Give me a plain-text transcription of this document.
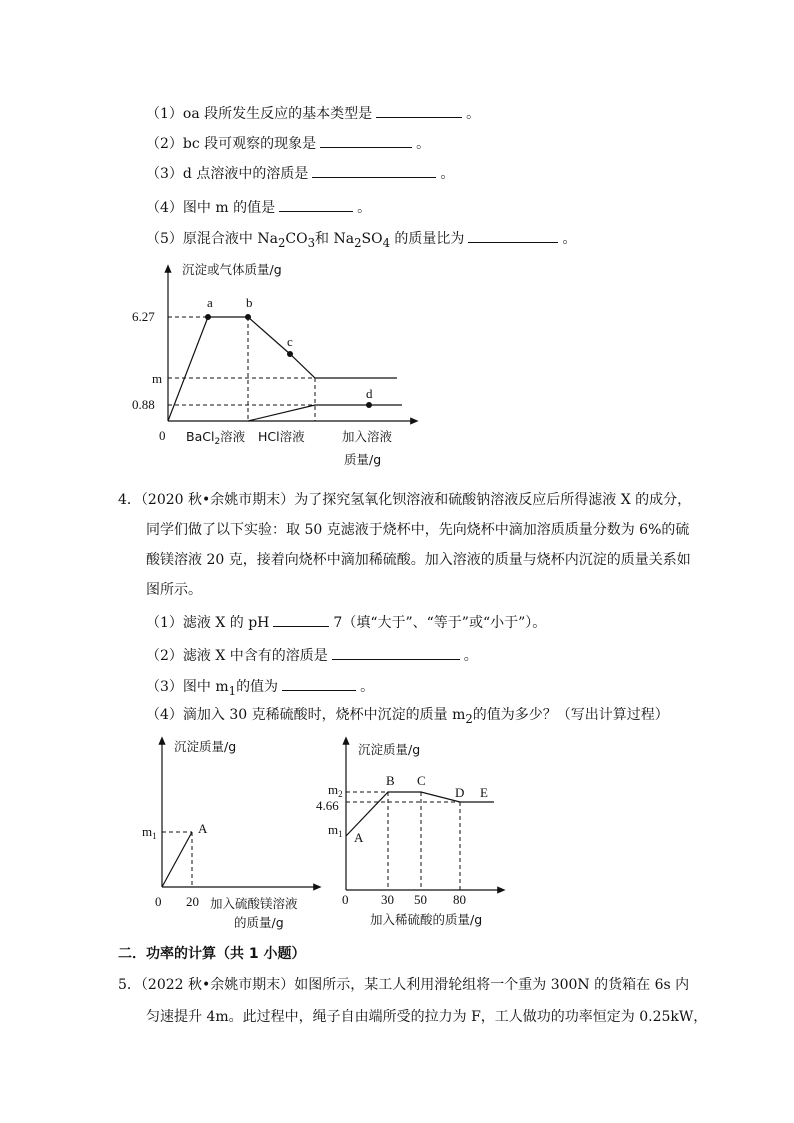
（1）oa 段所发生反应的基本类型是	。
（2）bc 段可观察的现象是	。
（3）d 点溶液中的溶质是	。
（4）图中 m 的值是	。
（5）原混合液中 $Na_2CO_3$和 $Na_2SO_4$ 的质量比为	。
沉淀或气体质量/g
0
6.27
m
0.88
a	b
c
d
BaCl$_2$溶液 HCl溶液	加入溶液
质量/g
4．（2020 秋•余姚市期末）为了探究氢氧化钡溶液和硫酸钠溶液反应后所得滤液 X 的成分，
同学们做了以下实验：取 50 克滤液于烧杯中，先向烧杯中滴加溶质质量分数为 6%的硫
酸镁溶液 20 克，接着向烧杯中滴加稀硫酸。加入溶液的质量与烧杯内沉淀的质量关系如
图所示。
（1）滤液 X 的 pH	7（填“大于”、“等于”或“小于”）。
（2）滤液 X 中含有的溶质是	。
（3）图中 $m_1$的值为	。
（4）滴加入 30 克稀硫酸时，烧杯中沉淀的质量 $m_2$的值为多少？（写出计算过程）
沉淀质量/g
$m_1$	A
0 20 加入硫酸镁溶液
的质量/g
沉淀质量/g
$m_2$
4.66
$m_1$ A
B C
D E
0	30 50 80
加入稀硫酸的质量/g
二．功率的计算（共 1 小题）
5．（2022 秋•余姚市期末）如图所示，某工人利用滑轮组将一个重为 300N 的货箱在 6s 内
匀速提升 4m。此过程中，绳子自由端所受的拉力为 F，工人做功的功率恒定为 0.25kW，
